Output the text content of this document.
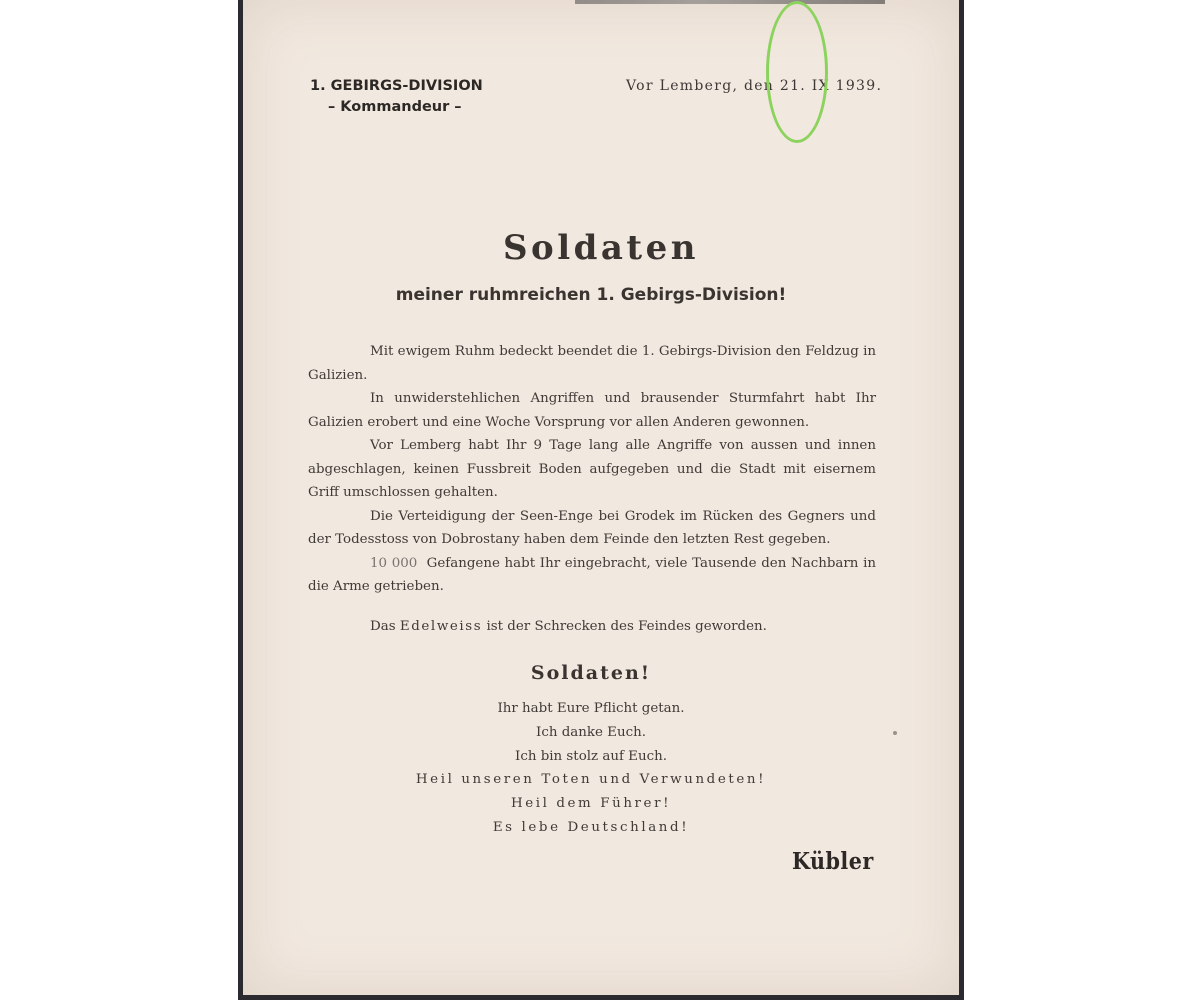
1. GEBIRGS-DIVISION
– Kommandeur –
Vor Lemberg, den 21. IX 1939.
Soldaten
meiner ruhmreichen 1. Gebirgs-Division!

Mit ewigem Ruhm bedeckt beendet die 1. Gebirgs-Division den Feldzug in Galizien.

In unwiderstehlichen Angriffen und brausender Sturmfahrt habt Ihr Galizien erobert und eine Woche Vorsprung vor allen Anderen gewonnen.

Vor Lemberg habt Ihr 9 Tage lang alle Angriffe von aussen und innen abgeschlagen, keinen Fussbreit Boden aufgegeben und die Stadt mit eisernem Griff umschlossen gehalten.

Die Verteidigung der Seen-Enge bei Grodek im Rücken des Gegners und der Todesstoss von Dobrostany haben dem Feinde den letzten Rest gegeben.

10 000 Gefangene habt Ihr eingebracht, viele Tausende den Nachbarn in die Arme getrieben.

Das Edelweiss ist der Schrecken des Feindes geworden.

Soldaten!
Ihr habt Eure Pflicht getan.
Ich danke Euch.
Ich bin stolz auf Euch.
Heil unseren Toten und Verwundeten!
Heil dem Führer!
Es lebe Deutschland!
Kübler
